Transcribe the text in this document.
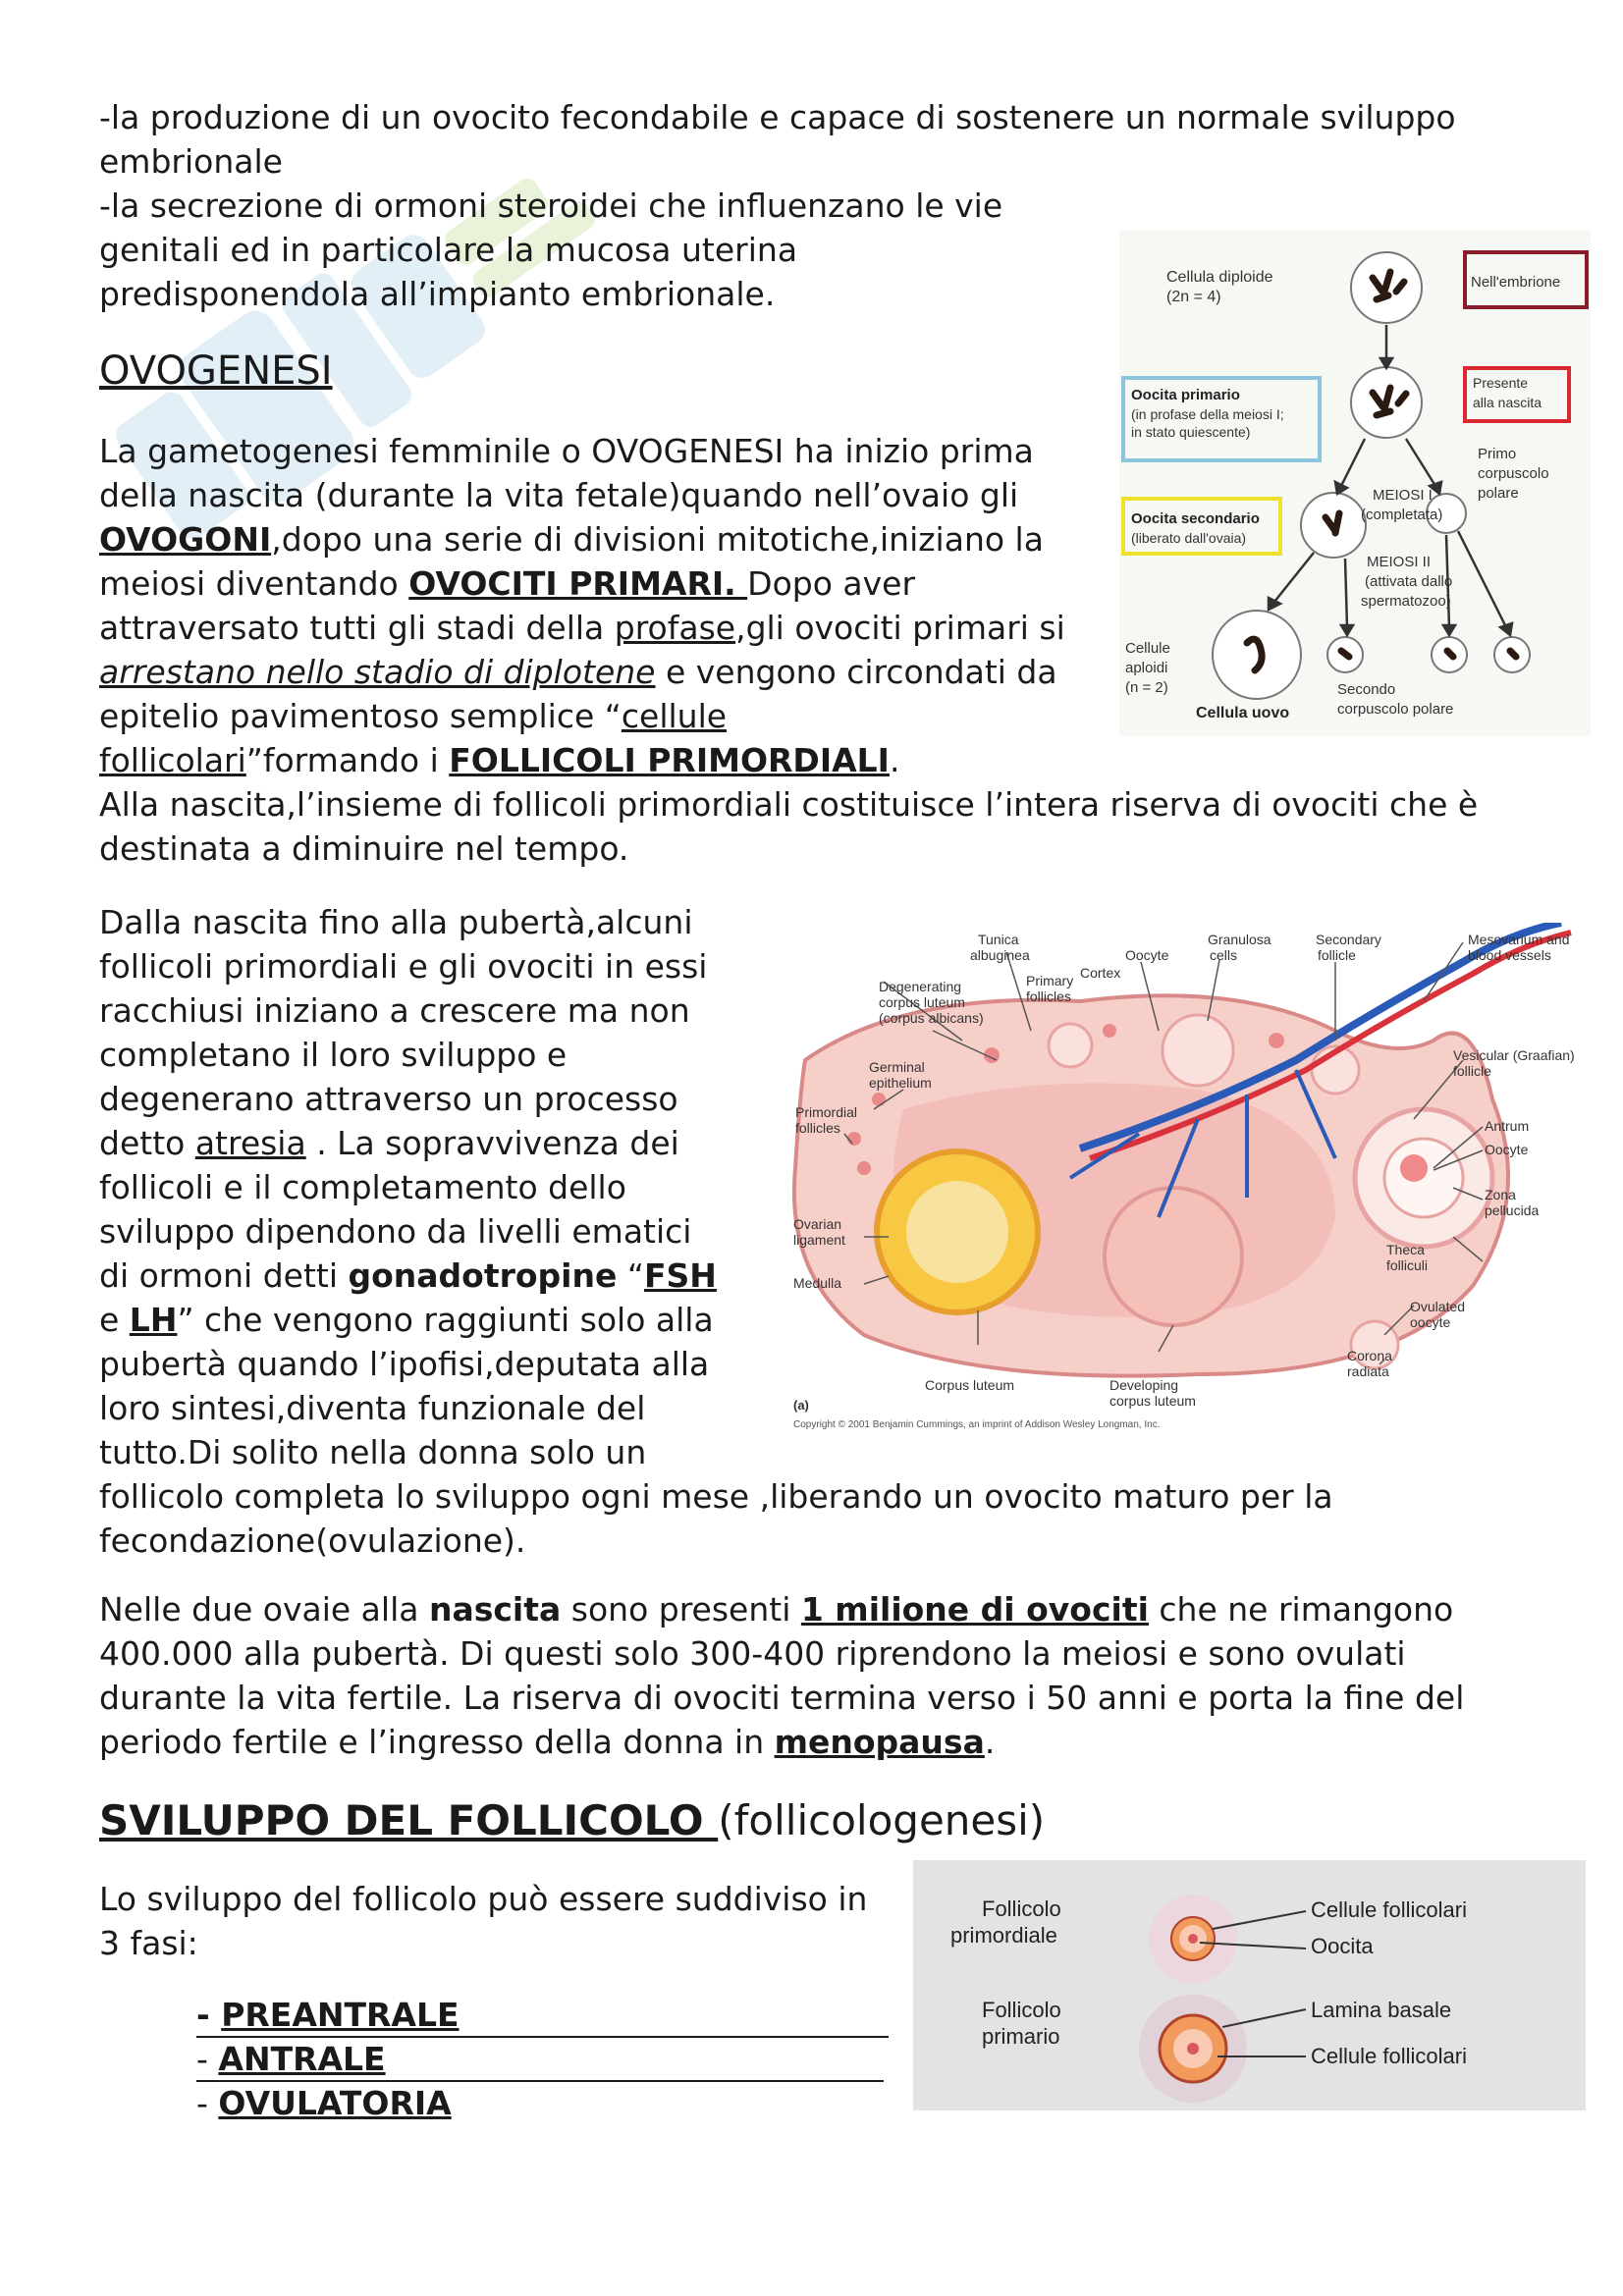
-la produzione di un ovocito fecondabile e capace di sostenere un normale sviluppo
embrionale
-la secrezione di ormoni steroidei che influenzano le vie
genitali ed in particolare la mucosa uterina
predisponendola all’impianto embrionale.
OVOGENESI
La gametogenesi femminile o OVOGENESI ha inizio prima
della nascita (durante la vita fetale)quando nell’ovaio gli
OVOGONI,dopo una serie di divisioni mitotiche,iniziano la
meiosi diventando OVOCITI PRIMARI. Dopo aver
attraversato tutti gli stadi della profase,gli ovociti primari si
arrestano nello stadio di diplotene e vengono circondati da
epitelio pavimentoso semplice “cellule
follicolari”formando i FOLLICOLI PRIMORDIALI.
Alla nascita,l’insieme di follicoli primordiali costituisce l’intera riserva di ovociti che è
destinata a diminuire nel tempo.
Cellula diploide
(2n = 4)
Nell'embrione
Oocita primario
(in profase della meiosi I;
in stato quiescente)
Presente
alla nascita
Primo
corpuscolo
polare
MEIOSI I
(completata)
Oocita secondario
(liberato dall'ovaia)
MEIOSI II
(attivata dallo
spermatozoo)
Cellule
aploidi
(n = 2)
Cellula uovo
Secondo
corpuscolo polare
Dalla nascita fino alla pubertà,alcuni
follicoli primordiali e gli ovociti in essi
racchiusi iniziano a crescere ma non
completano il loro sviluppo e
degenerano attraverso un processo
detto atresia . La sopravvivenza dei
follicoli e il completamento dello
sviluppo dipendono da livelli ematici
di ormoni detti gonadotropine “FSH
e LH” che vengono raggiunti solo alla
pubertà quando l’ipofisi,deputata alla
loro sintesi,diventa funzionale del
tutto.Di solito nella donna solo un
follicolo completa lo sviluppo ogni mese ,liberando un ovocito maturo per la
fecondazione(ovulazione).
Tunica
albuginea	Oocyte
Granulosa
cells
Secondary
follicle
Mesovarium and
blood vessels
Cortex
Degenerating
corpus luteum
(corpus albicans)
Primary
follicles
Germinal
epithelium
Vesicular (Graafian)
follicle
Primordial
follicles	Antrum
Oocyte
Zona
pellucida
Ovarian
ligament
Theca
folliculi
Medulla
Ovulated
oocyte
Corona
radiata
Corpus luteum	Developing
corpus luteum
(a)
Copyright © 2001 Benjamin Cummings, an imprint of Addison Wesley Longman, Inc.
Nelle due ovaie alla nascita sono presenti 1 milione di ovociti che ne rimangono
400.000 alla pubertà. Di questi solo 300-400 riprendono la meiosi e sono ovulati
durante la vita fertile. La riserva di ovociti termina verso i 50 anni e porta la fine del
periodo fertile e l’ingresso della donna in menopausa.
SVILUPPO DEL FOLLICOLO (follicologenesi)
Lo sviluppo del follicolo può essere suddiviso in
3 fasi:
- PREANTRALE
- ANTRALE
- OVULATORIA
Follicolo
primordiale
Cellule follicolari
Oocita
Follicolo
primario
Lamina basale
Cellule follicolari
